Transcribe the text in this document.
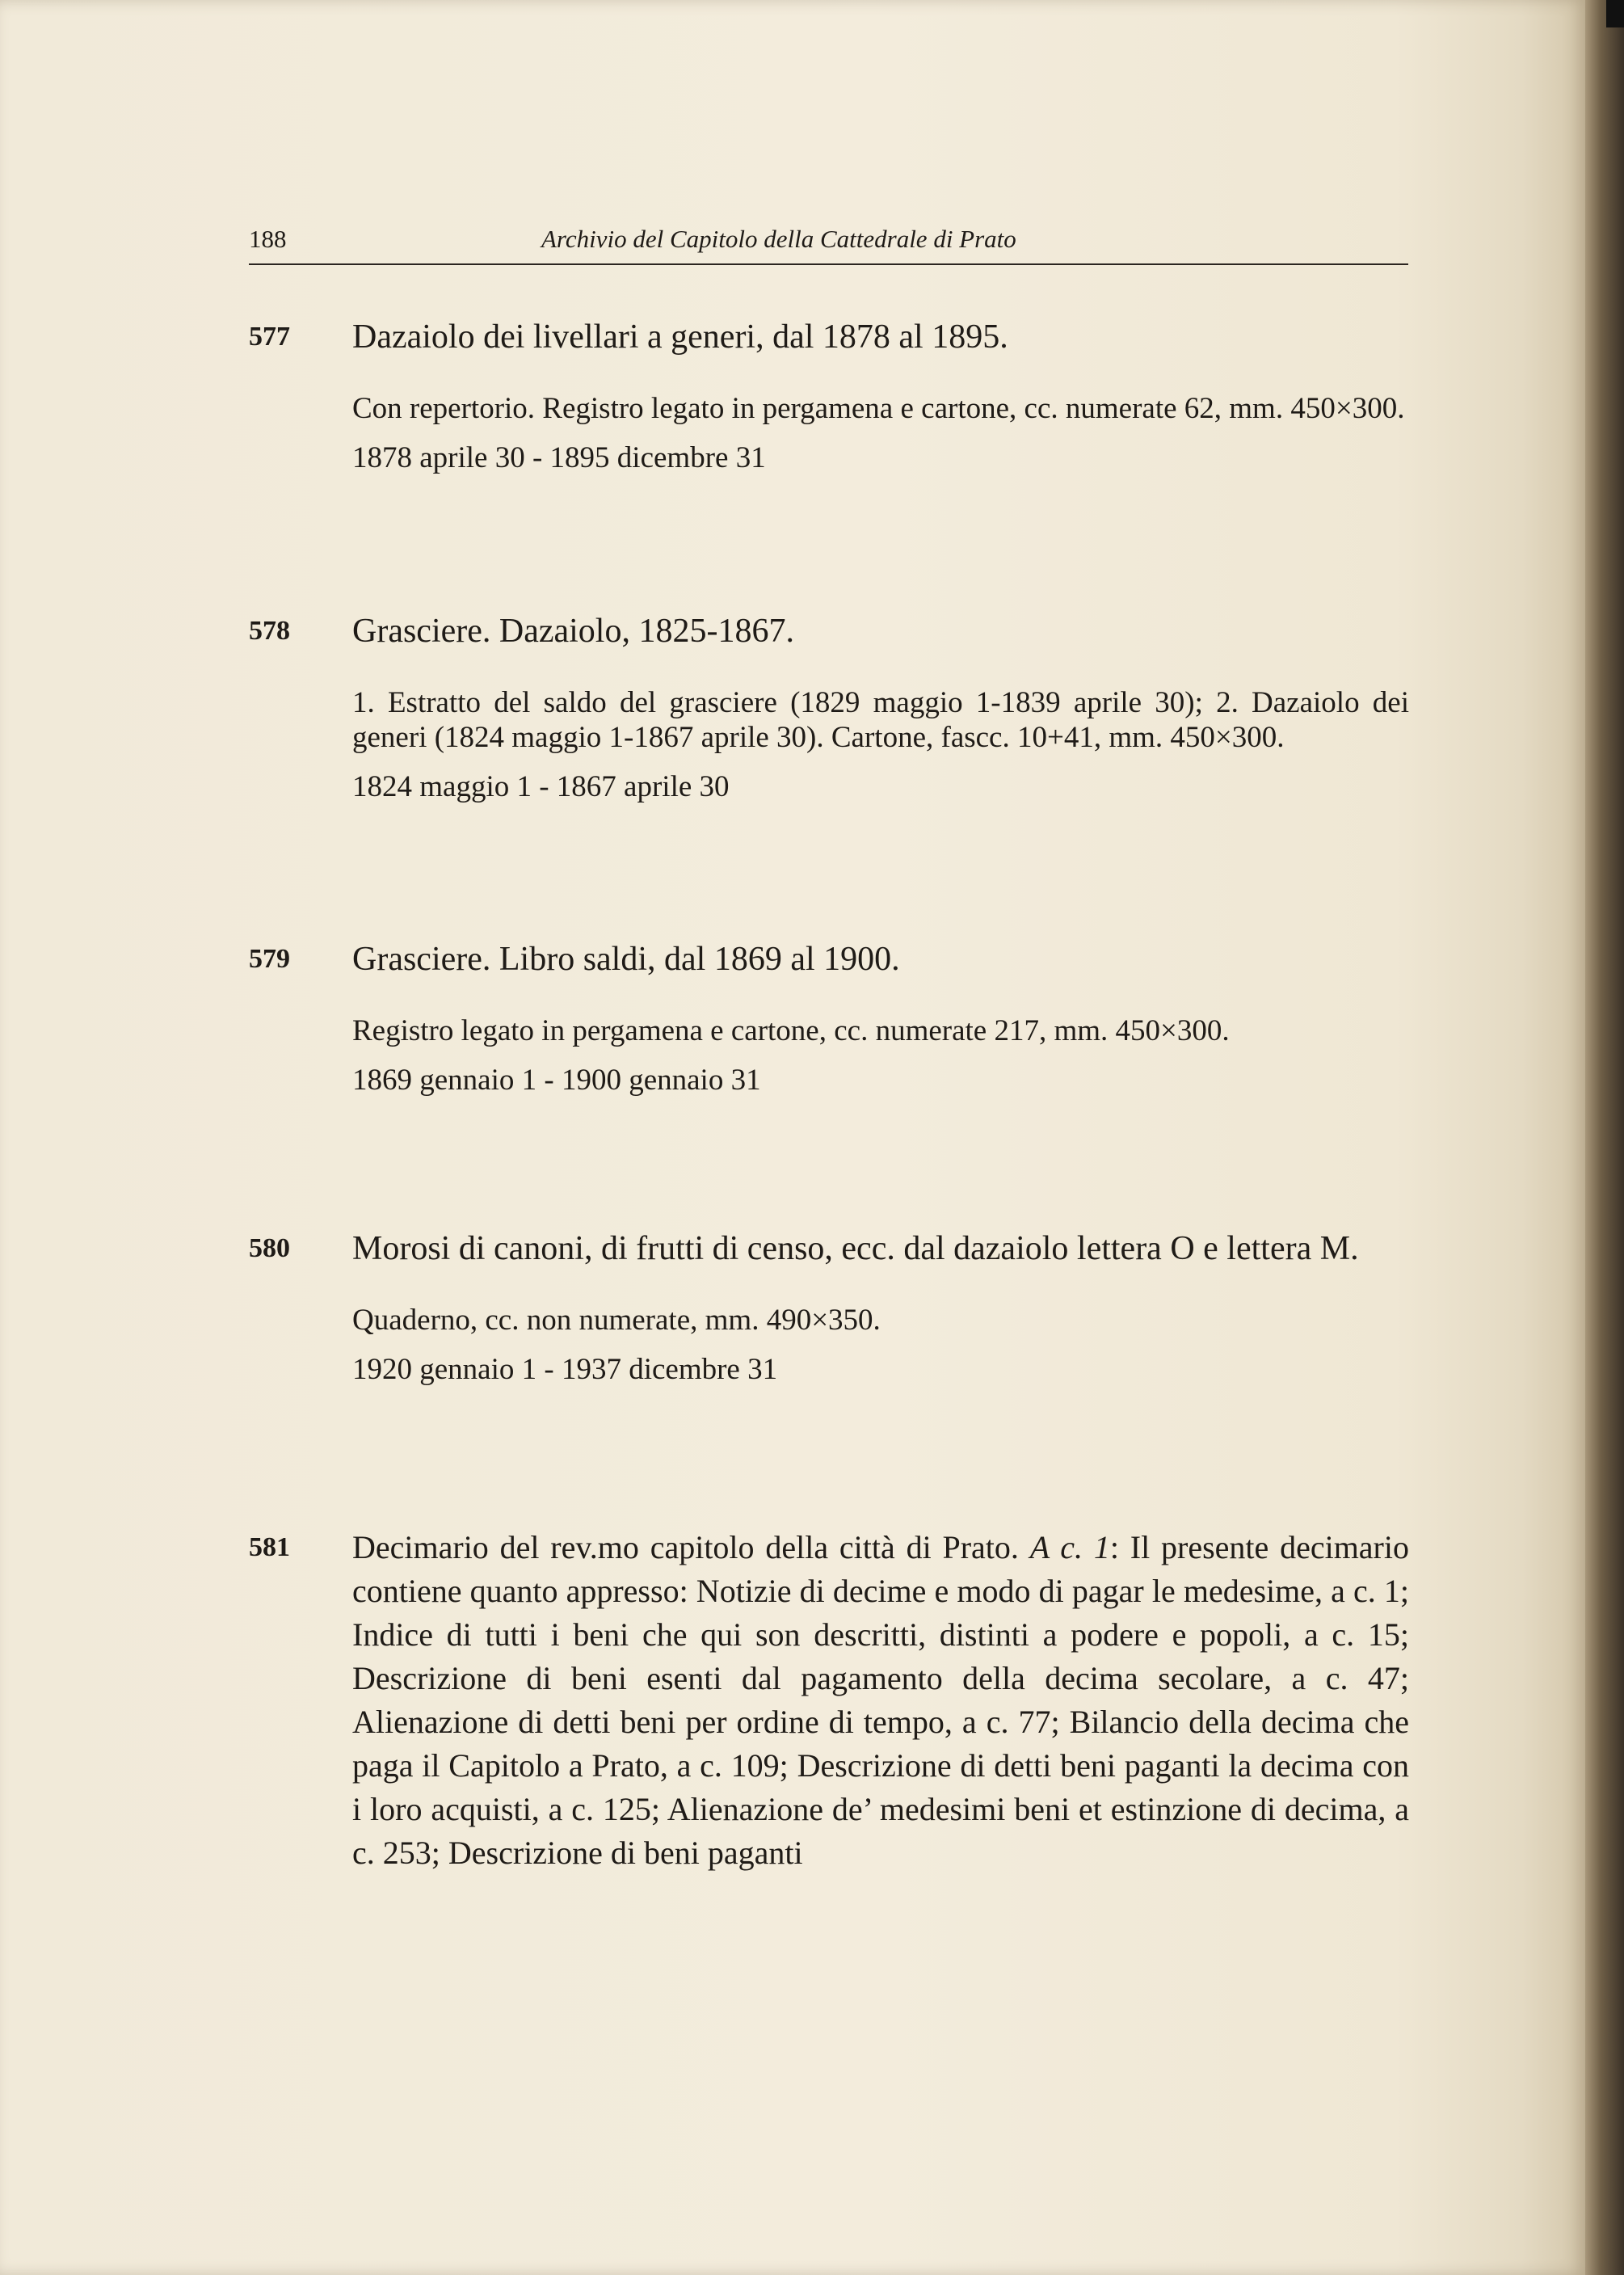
188	Archivio del Capitolo della Cattedrale di Prato
577 Dazaiolo dei livellari a generi, dal 1878 al 1895.
Con repertorio. Registro legato in pergamena e cartone, cc. numerate 62, mm. 450×300.
1878 aprile 30 - 1895 dicembre 31
578 Grasciere. Dazaiolo, 1825-1867.
1. Estratto del saldo del grasciere (1829 maggio 1-1839 aprile 30); 2. Dazaiolo dei generi (1824 maggio 1-1867 aprile 30). Cartone, fascc. 10+41, mm. 450×300.
1824 maggio 1 - 1867 aprile 30
579 Grasciere. Libro saldi, dal 1869 al 1900.
Registro legato in pergamena e cartone, cc. numerate 217, mm. 450×300.
1869 gennaio 1 - 1900 gennaio 31
580 Morosi di canoni, di frutti di censo, ecc. dal dazaiolo lettera O e lettera M.
Quaderno, cc. non numerate, mm. 490×350.
1920 gennaio 1 - 1937 dicembre 31
581 Decimario del rev.mo capitolo della città di Prato. A c. 1: Il presente decimario contiene quanto appresso: Notizie di decime e modo di pagar le medesime, a c. 1; Indice di tutti i beni che qui son descritti, distinti a podere e popoli, a c. 15; Descrizione di beni esenti dal pagamento della decima secolare, a c. 47; Alienazione di detti beni per ordine di tempo, a c. 77; Bilancio della decima che paga il Capitolo a Prato, a c. 109; Descrizione di detti beni paganti la decima con i loro acquisti, a c. 125; Alienazione de’ medesimi beni et estinzione di decima, a c. 253; Descrizione di beni paganti
